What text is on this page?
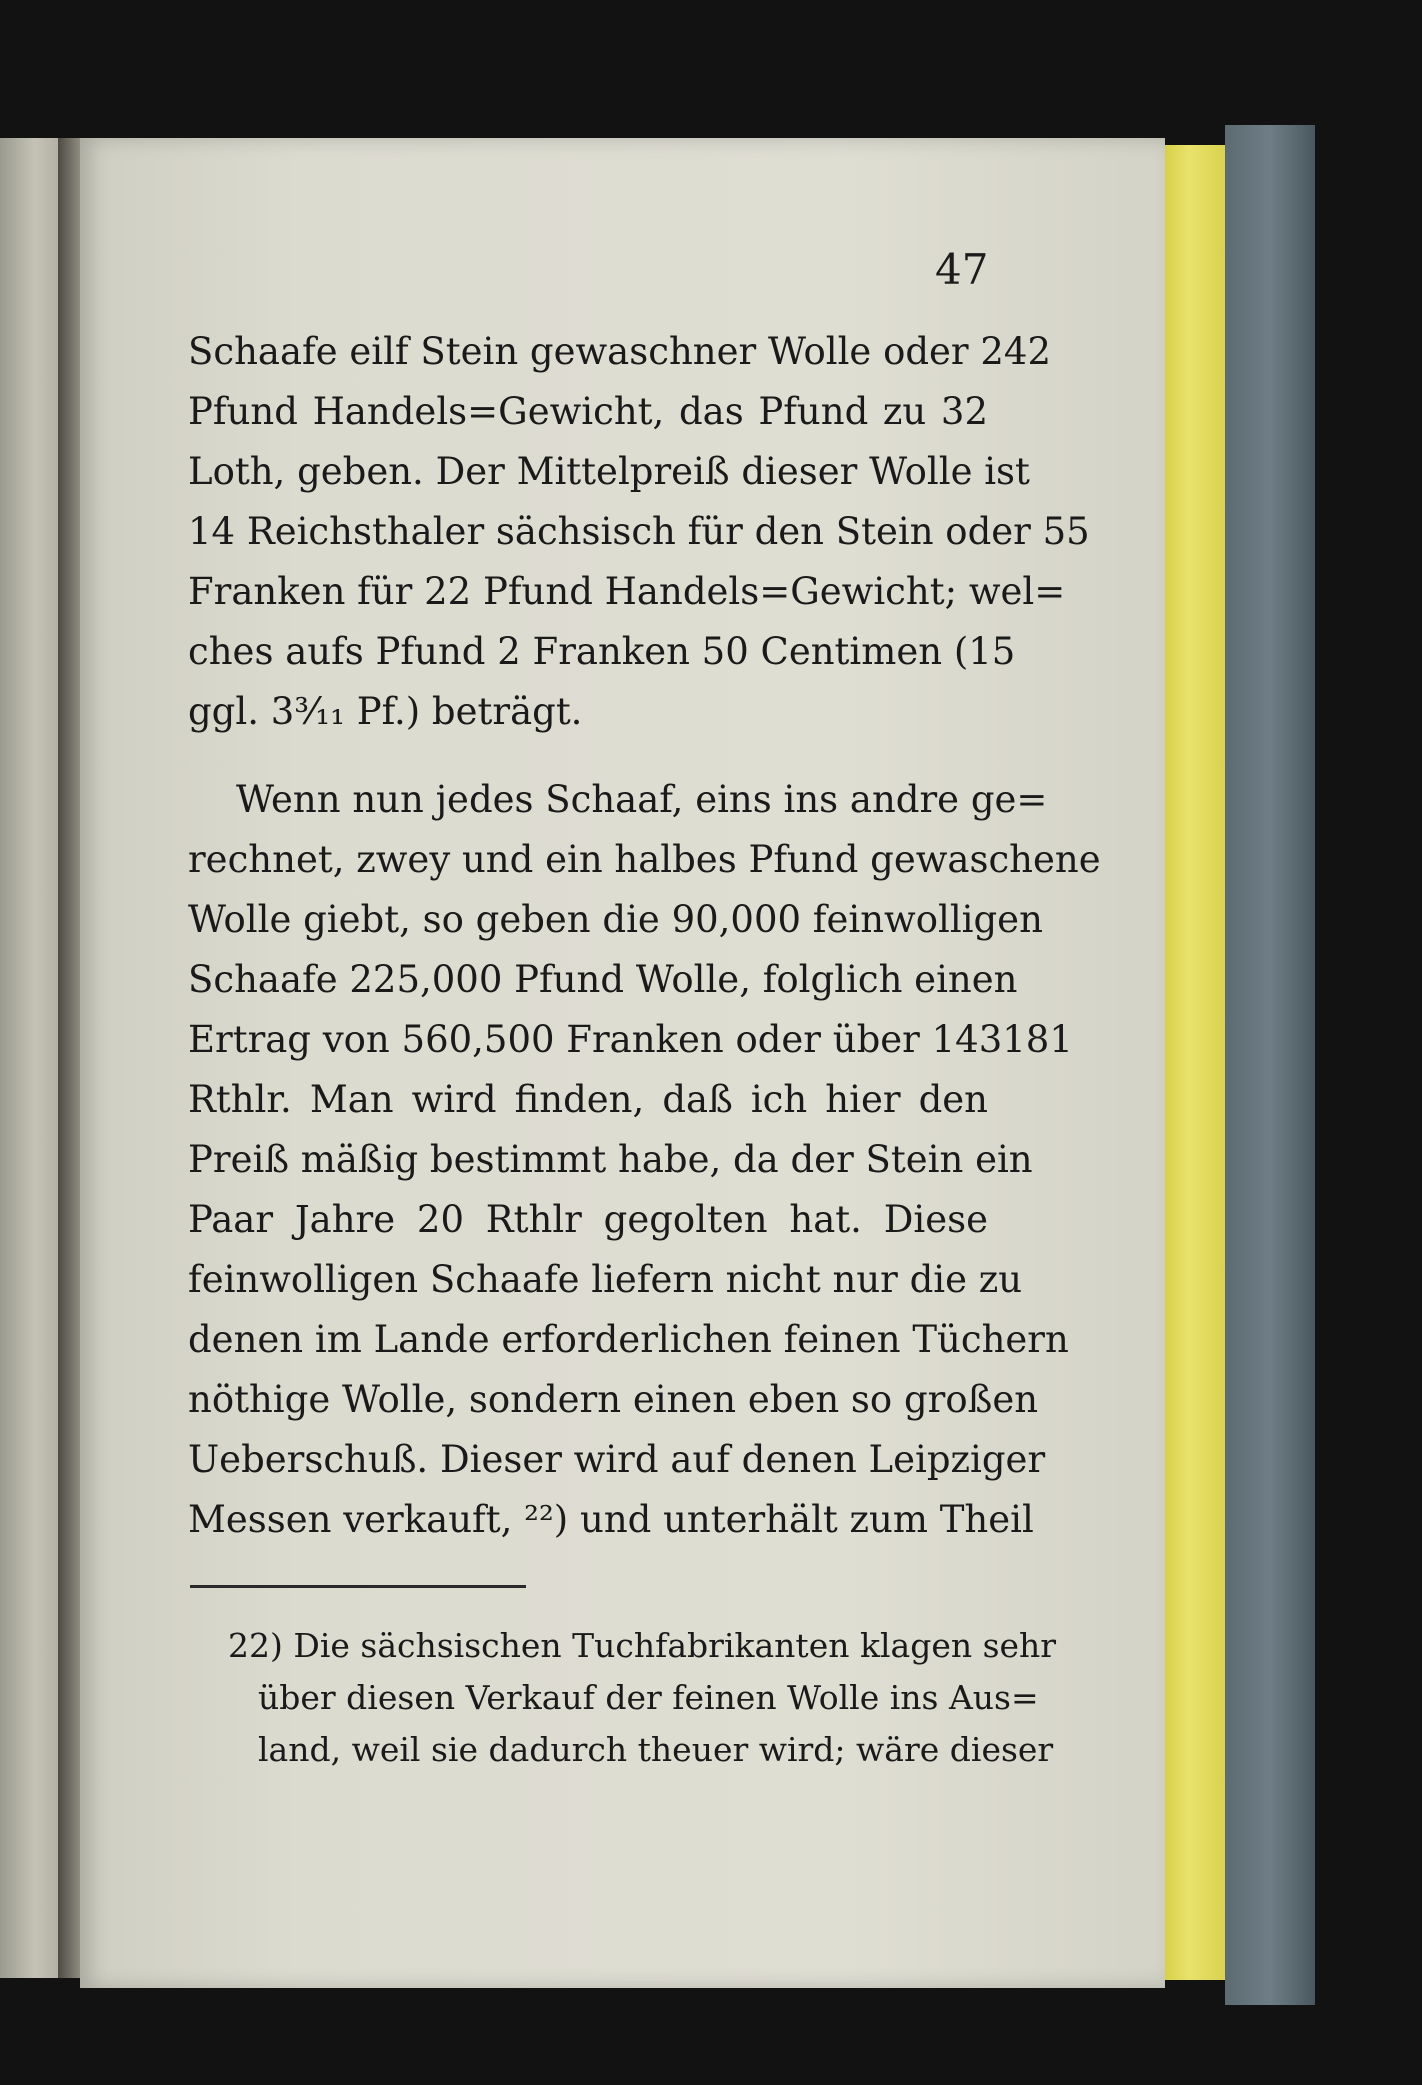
47
Schaafe eilf Stein gewaschner Wolle oder 242
Pfund Handels=Gewicht, das Pfund zu 32
Loth, geben. Der Mittelpreiß dieser Wolle ist
14 Reichsthaler sächsisch für den Stein oder 55
Franken für 22 Pfund Handels=Gewicht; wel=
ches aufs Pfund 2 Franken 50 Centimen (15
ggl. 3³⁄₁₁ Pf.) beträgt.
Wenn nun jedes Schaaf, eins ins andre ge=
rechnet, zwey und ein halbes Pfund gewaschene
Wolle giebt, so geben die 90,000 feinwolligen
Schaafe 225,000 Pfund Wolle, folglich einen
Ertrag von 560,500 Franken oder über 143181
Rthlr. Man wird finden, daß ich hier den
Preiß mäßig bestimmt habe, da der Stein ein
Paar Jahre 20 Rthlr gegolten hat. Diese
feinwolligen Schaafe liefern nicht nur die zu
denen im Lande erforderlichen feinen Tüchern
nöthige Wolle, sondern einen eben so großen
Ueberschuß. Dieser wird auf denen Leipziger
Messen verkauft, ²²) und unterhält zum Theil
22) Die sächsischen Tuchfabrikanten klagen sehr
über diesen Verkauf der feinen Wolle ins Aus=
land, weil sie dadurch theuer wird; wäre dieser
